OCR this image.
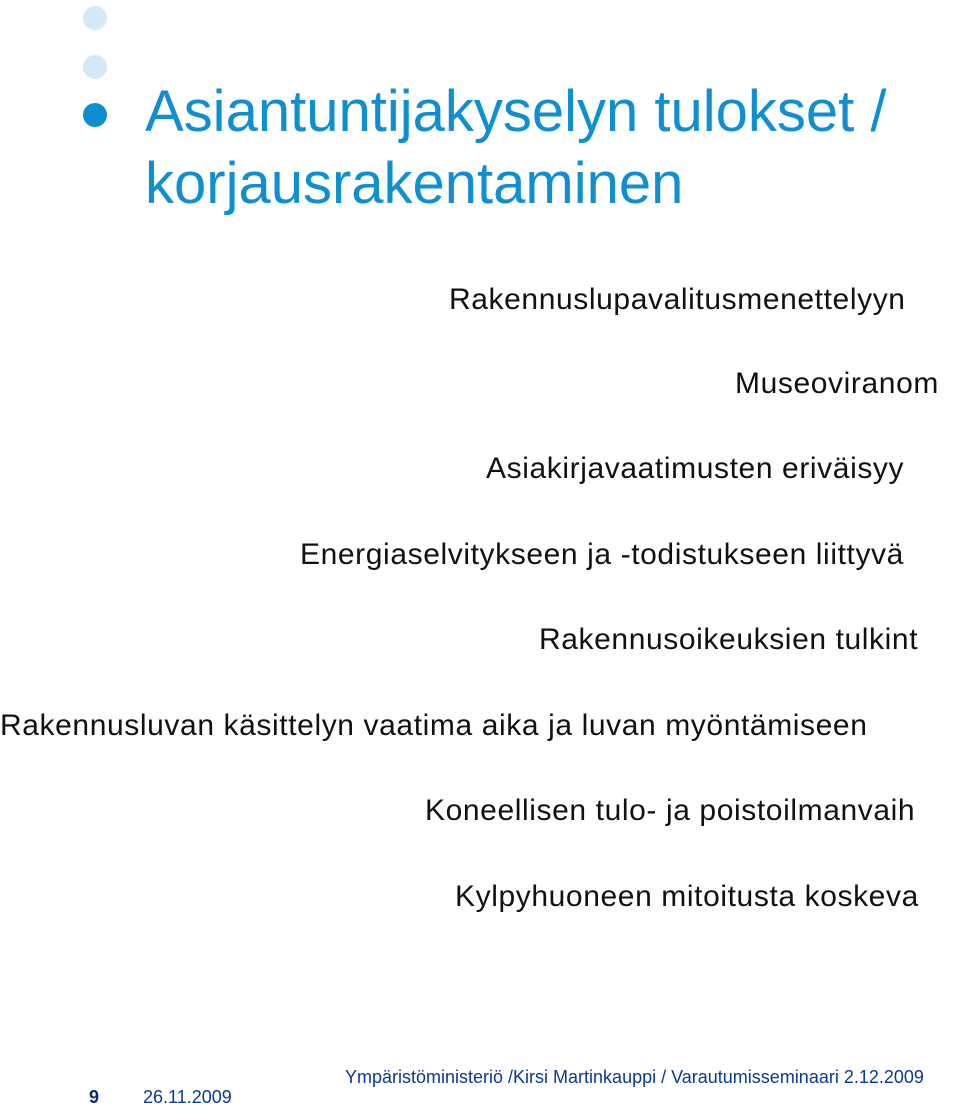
Asiantuntijakyselyn tulokset /
korjausrakentaminen
Rakennuslupavalitusmenettelyyn
Museoviranom
Asiakirjavaatimusten eriväisyy
Energiaselvitykseen ja -todistukseen liittyvä
Rakennusoikeuksien tulkint
Rakennusluvan käsittelyn vaatima aika ja luvan myöntämiseen
Koneellisen tulo- ja poistoilmanvaih
Kylpyhuoneen mitoitusta koskeva
9 26.11.2009
Ympäristöministeriö /Kirsi Martinkauppi / Varautumisseminaari 2.12.2009
